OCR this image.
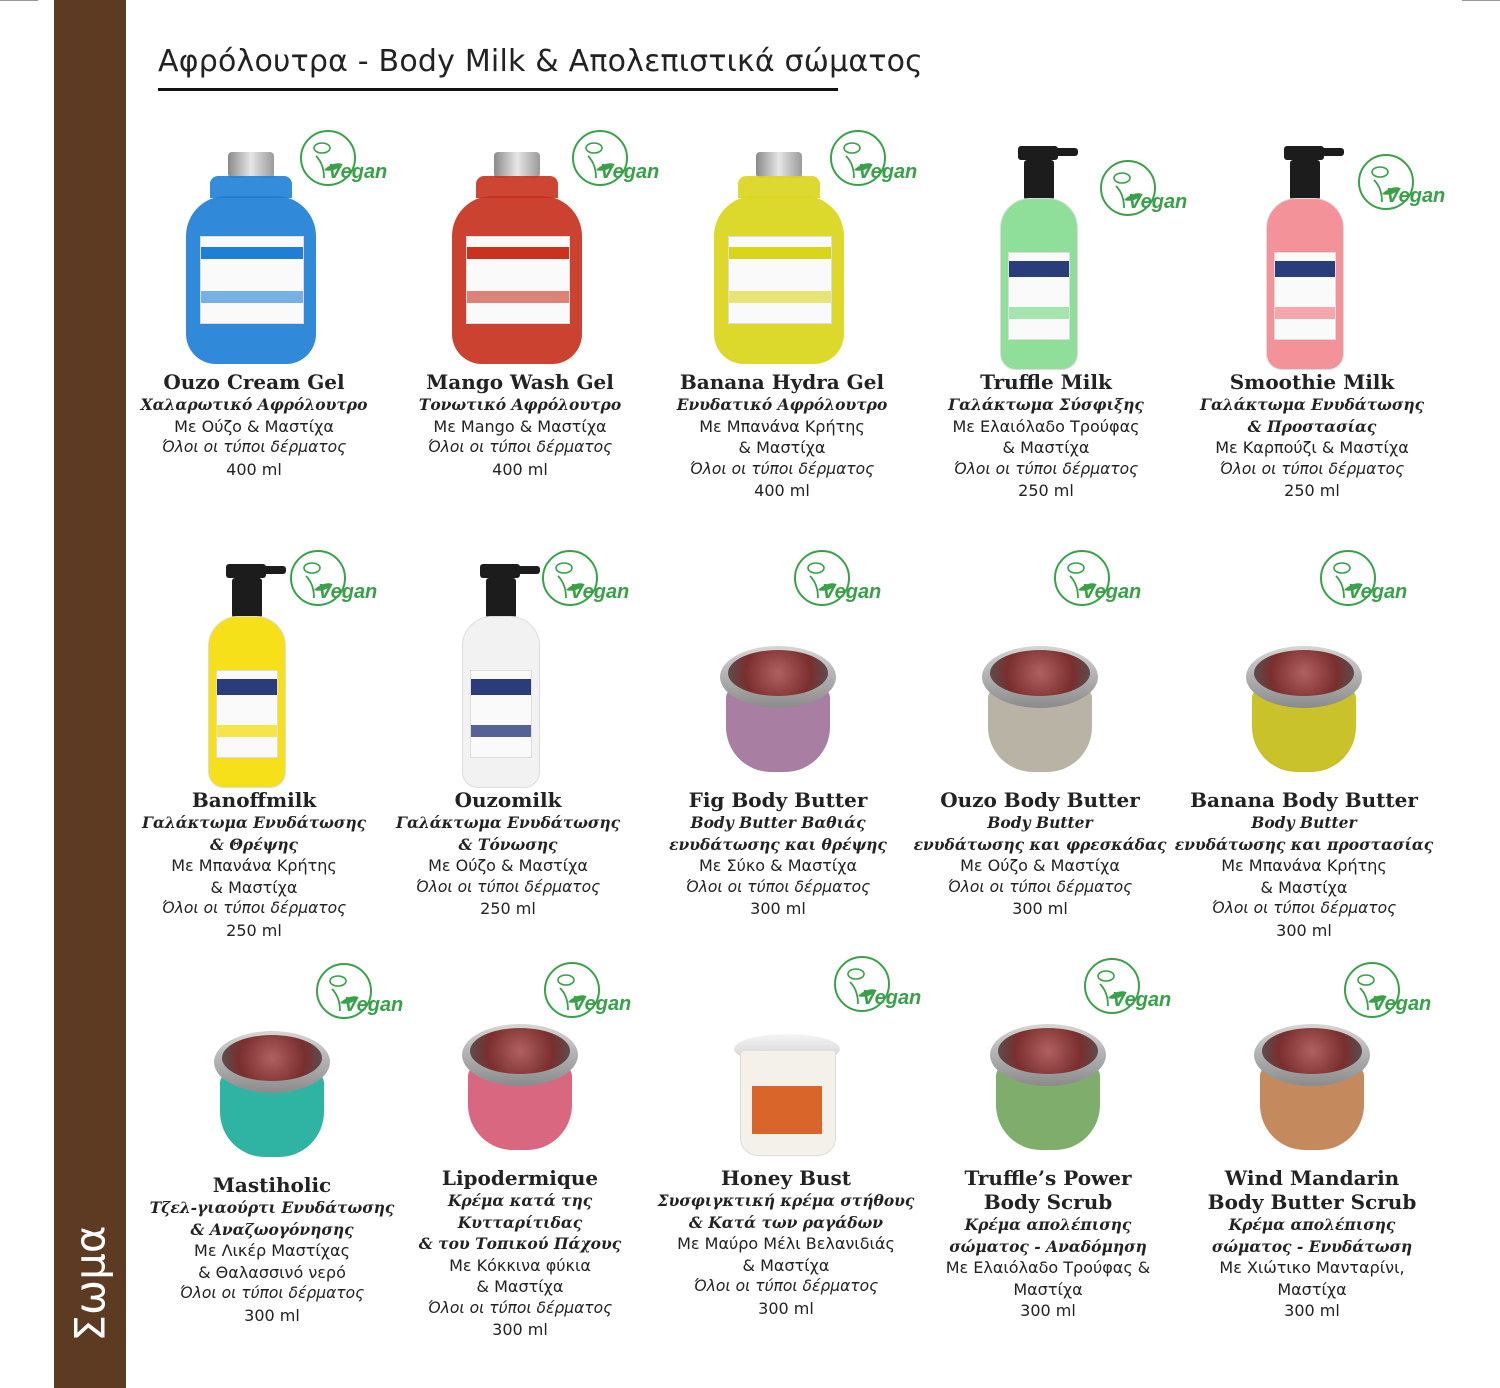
Σωμα
Αφρόλουτρα - Body Milk & Απολεπιστικά σώματος
Vegan
Ouzo Cream Gel
Χαλαρωτικό Αφρόλουτρο
Με Ούζο & Μαστίχα
Όλοι οι τύποι δέρματος
400 ml
Vegan
Mango Wash Gel
Τονωτικό Αφρόλουτρο
Με Mango & Μαστίχα
Όλοι οι τύποι δέρματος
400 ml
Vegan
Banana Hydra Gel
Ενυδατικό Αφρόλουτρο
Με Μπανάνα Κρήτης
& Μαστίχα
Όλοι οι τύποι δέρματος
400 ml
Vegan
Truffle Milk
Γαλάκτωμα Σύσφιξης
Με Ελαιόλαδο Τρούφας
& Μαστίχα
Όλοι οι τύποι δέρματος
250 ml
Vegan
Smoothie Milk
Γαλάκτωμα Ενυδάτωσης
& Προστασίας
Με Καρπούζι & Μαστίχα
Όλοι οι τύποι δέρματος
250 ml
Vegan
Banoffmilk
Γαλάκτωμα Ενυδάτωσης
& Θρέψης
Με Μπανάνα Κρήτης
& Μαστίχα
Όλοι οι τύποι δέρματος
250 ml
Vegan
Ouzomilk
Γαλάκτωμα Ενυδάτωσης
& Τόνωσης
Με Ούζο & Μαστίχα
Όλοι οι τύποι δέρματος
250 ml
Vegan
Fig Body Butter
Body Butter Βαθιάς
ενυδάτωσης και θρέψης
Με Σύκο & Μαστίχα
Όλοι οι τύποι δέρματος
300 ml
Vegan
Ouzo Body Butter
Body Butter
ενυδάτωσης και φρεσκάδας
Με Ούζο & Μαστίχα
Όλοι οι τύποι δέρματος
300 ml
Vegan
Banana Body Butter
Body Butter
ενυδάτωσης και προστασίας
Με Μπανάνα Κρήτης
& Μαστίχα
Όλοι οι τύποι δέρματος
300 ml
Vegan
Mastiholic
Τζελ-γιαούρτι Ενυδάτωσης
& Αναζωογόνησης
Με Λικέρ Μαστίχας
& Θαλασσινό νερό
Όλοι οι τύποι δέρματος
300 ml
Vegan
Lipodermique
Κρέμα κατά της Κυτταρίτιδας
& του Τοπικού Πάχους
Με Κόκκινα φύκια
& Μαστίχα
Όλοι οι τύποι δέρματος
300 ml
Vegan
Honey Bust
Συσφιγκτική κρέμα στήθους
& Κατά των ραγάδων
Με Μαύρο Μέλι Βελανιδιάς
& Μαστίχα
Όλοι οι τύποι δέρματος
300 ml
Vegan
Truffle’s Power
Body Scrub
Κρέμα απολέπισης
σώματος - Αναδόμηση
Με Ελαιόλαδο Τρούφας &
Μαστίχα
300 ml
Vegan
Wind Mandarin
Body Butter Scrub
Κρέμα απολέπισης
σώματος - Ενυδάτωση
Με Χιώτικο Μανταρίνι,
Μαστίχα
300 ml
